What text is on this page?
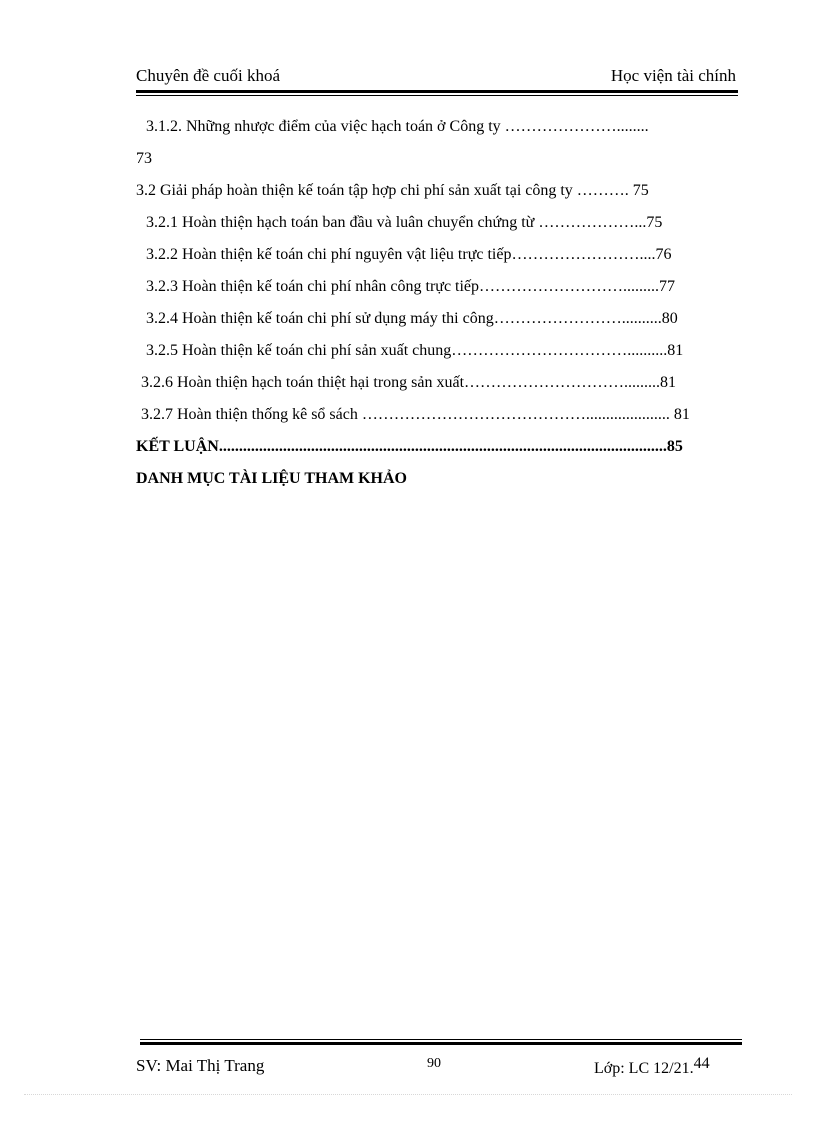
Chuyên đề cuối khoá	Học viện tài chính
3.1.2. Những nhược điểm của việc hạch toán ở Công ty …………………........
73
3.2 Giải pháp hoàn thiện kế toán tập hợp chi phí sản xuất tại công ty ………. 75
3.2.1 Hoàn thiện hạch toán ban đầu và luân chuyển chứng từ ………………...75
3.2.2 Hoàn thiện kế toán chi phí nguyên vật liệu trực tiếp……………………....76
3.2.3 Hoàn thiện kế toán chi phí nhân công trực tiếp……………………….........77
3.2.4 Hoàn thiện kế toán chi phí sử dụng máy thi công……………………..........80
3.2.5 Hoàn thiện kế toán chi phí sản xuất chung……………………………..........81
3.2.6 Hoàn thiện hạch toán thiệt hại trong sản xuất………………………….........81
3.2.7 Hoàn thiện thống kê sổ sách ……………………………………..................... 81
KẾT LUẬN................................................................................................................85
DANH MỤC TÀI LIỆU THAM KHẢO
SV: Mai Thị Trang	90	Lớp: LC 12/21.44
